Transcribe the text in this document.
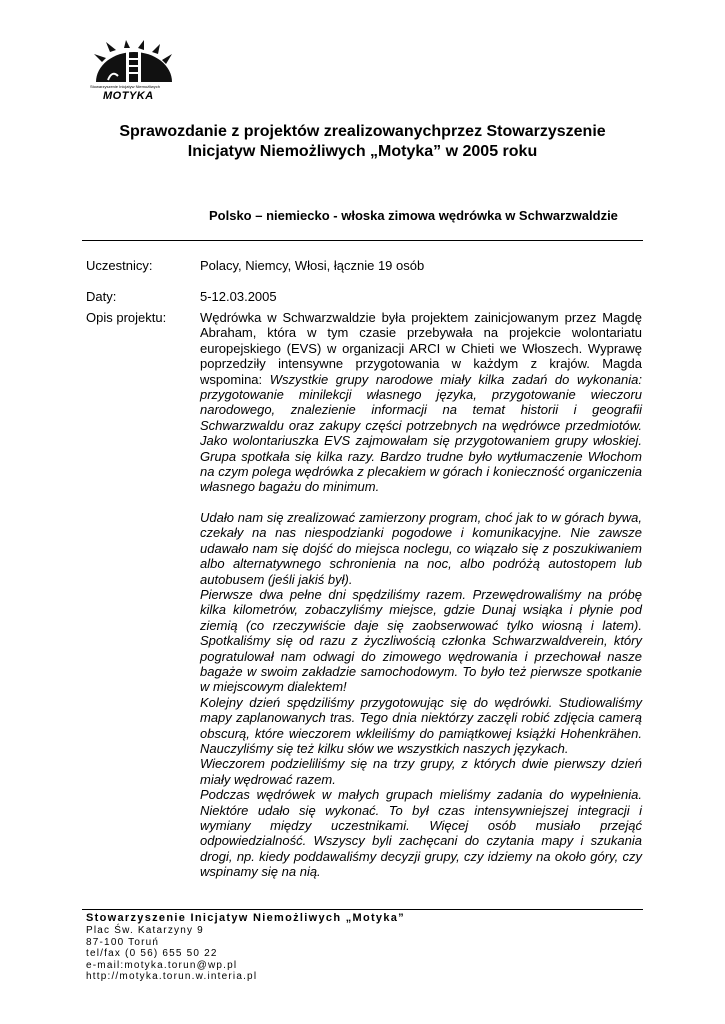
Stowarzyszenie Inicjatyw Niemożliwych
MOTYKA
Sprawozdanie z projektów zrealizowanychprzez Stowarzyszenie
Inicjatyw Niemożliwych „Motyka” w 2005 roku
Polsko – niemiecko - włoska zimowa wędrówka w Schwarzwaldzie
Uczestnicy:	Polacy, Niemcy, Włosi, łącznie 19 osób
Daty:	5-12.03.2005
Opis projektu:	Wędrówka w Schwarzwaldzie była projektem zainicjowanym przez Magdę Abraham, która w tym czasie przebywała na projekcie wolontariatu europejskiego (EVS) w organizacji ARCI w Chieti we Włoszech. Wyprawę poprzedziły intensywne przygotowania w każdym z krajów. Magda wspomina: Wszystkie grupy narodowe miały kilka zadań do wykonania: przygotowanie minilekcji własnego języka, przygotowanie wieczoru narodowego, znalezienie informacji na temat historii i geografii Schwarzwaldu oraz zakupy części potrzebnych na wędrówce przedmiotów. Jako wolontariuszka EVS zajmowałam się przygotowaniem grupy włoskiej. Grupa spotkała się kilka razy. Bardzo trudne było wytłumaczenie Włochom na czym polega wędrówka z plecakiem w górach i konieczność organiczenia własnego bagażu do minimum.

Udało nam się zrealizować zamierzony program, choć jak to w górach bywa, czekały na nas niespodzianki pogodowe i komunikacyjne. Nie zawsze udawało nam się dojść do miejsca noclegu, co wiązało się z poszukiwaniem albo alternatywnego schronienia na noc, albo podróżą autostopem lub autobusem (jeśli jakiś był).
Pierwsze dwa pełne dni spędziliśmy razem. Przewędrowaliśmy na próbę kilka kilometrów, zobaczyliśmy miejsce, gdzie Dunaj wsiąka i płynie pod ziemią (co rzeczywiście daje się zaobserwować tylko wiosną i latem). Spotkaliśmy się od razu z życzliwością członka Schwarzwaldverein, który pogratulował nam odwagi do zimowego wędrowania i przechował nasze bagaże w swoim zakładzie samochodowym. To było też pierwsze spotkanie w miejscowym dialektem!
Kolejny dzień spędziliśmy przygotowując się do wędrówki. Studiowaliśmy mapy zaplanowanych tras. Tego dnia niektórzy zaczęli robić zdjęcia camerą obscurą, które wieczorem wkleiliśmy do pamiątkowej książki Hohenkrähen. Nauczyliśmy się też kilku słów we wszystkich naszych językach.
Wieczorem podzieliliśmy się na trzy grupy, z których dwie pierwszy dzień miały wędrować razem.
Podczas wędrówek w małych grupach mieliśmy zadania do wypełnienia. Niektóre udało się wykonać. To był czas intensywniejszej integracji i wymiany między uczestnikami. Więcej osób musiało przejąć odpowiedzialność. Wszyscy byli zachęcani do czytania mapy i szukania drogi, np. kiedy poddawaliśmy decyzji grupy, czy idziemy na około góry, czy wspinamy się na nią.

Stowarzyszenie Inicjatyw Niemożliwych „Motyka”
Plac Św. Katarzyny 9
87-100 Toruń
tel/fax (0 56) 655 50 22
e-mail:motyka.torun@wp.pl
http://motyka.torun.w.interia.pl
